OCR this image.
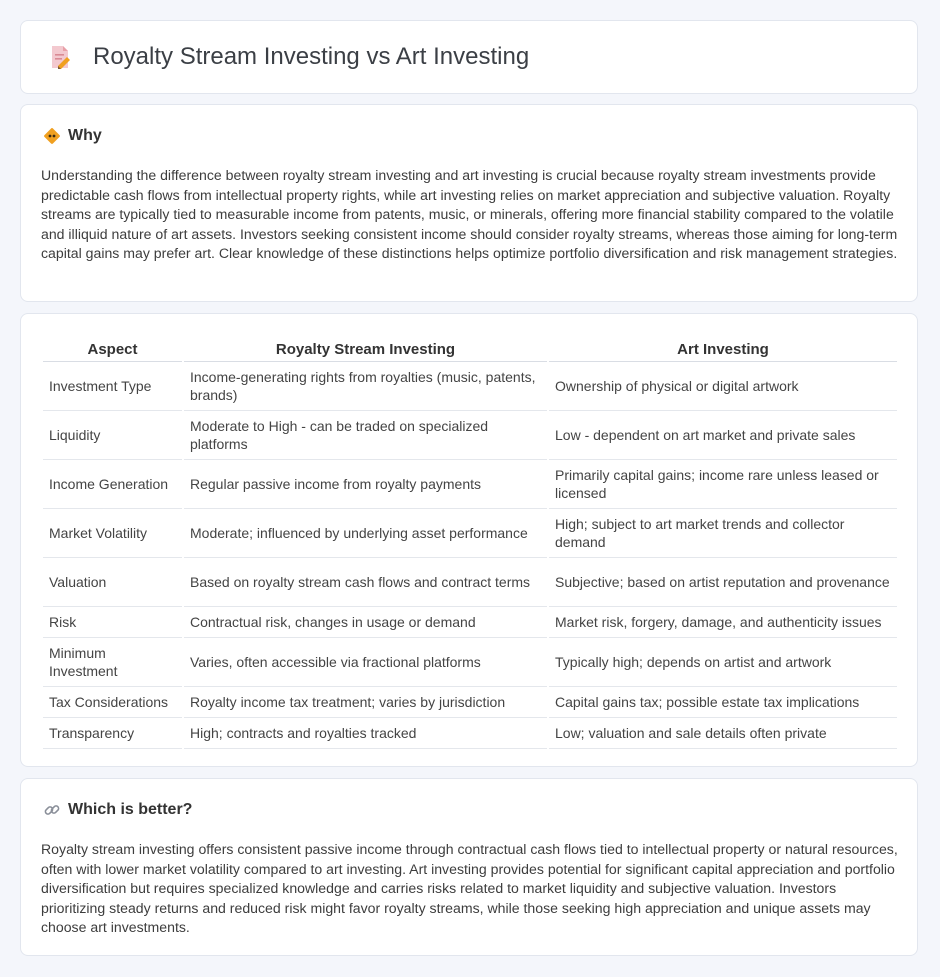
Royalty Stream Investing vs Art Investing
Why

Understanding the difference between royalty stream investing and art investing is crucial because royalty stream investments provide predictable cash flows from intellectual property rights, while art investing relies on market appreciation and subjective valuation. Royalty streams are typically tied to measurable income from patents, music, or minerals, offering more financial stability compared to the volatile and illiquid nature of art assets. Investors seeking consistent income should consider royalty streams, whereas those aiming for long-term capital gains may prefer art. Clear knowledge of these distinctions helps optimize portfolio diversification and risk management strategies.

Aspect	Royalty Stream Investing	Art Investing
Investment Type	Income-generating rights from royalties (music, patents, brands)	Ownership of physical or digital artwork
Liquidity	Moderate to High - can be traded on specialized platforms	Low - dependent on art market and private sales
Income Generation	Regular passive income from royalty payments	Primarily capital gains; income rare unless leased or licensed
Market Volatility	Moderate; influenced by underlying asset performance	High; subject to art market trends and collector demand
Valuation	Based on royalty stream cash flows and contract terms	Subjective; based on artist reputation and provenance
Risk	Contractual risk, changes in usage or demand	Market risk, forgery, damage, and authenticity issues
Minimum Investment	Varies, often accessible via fractional platforms	Typically high; depends on artist and artwork
Tax Considerations	Royalty income tax treatment; varies by jurisdiction	Capital gains tax; possible estate tax implications
Transparency	High; contracts and royalties tracked	Low; valuation and sale details often private
Which is better?

Royalty stream investing offers consistent passive income through contractual cash flows tied to intellectual property or natural resources, often with lower market volatility compared to art investing. Art investing provides potential for significant capital appreciation and portfolio diversification but requires specialized knowledge and carries risks related to market liquidity and subjective valuation. Investors prioritizing steady returns and reduced risk might favor royalty streams, while those seeking high appreciation and unique assets may choose art investments.
